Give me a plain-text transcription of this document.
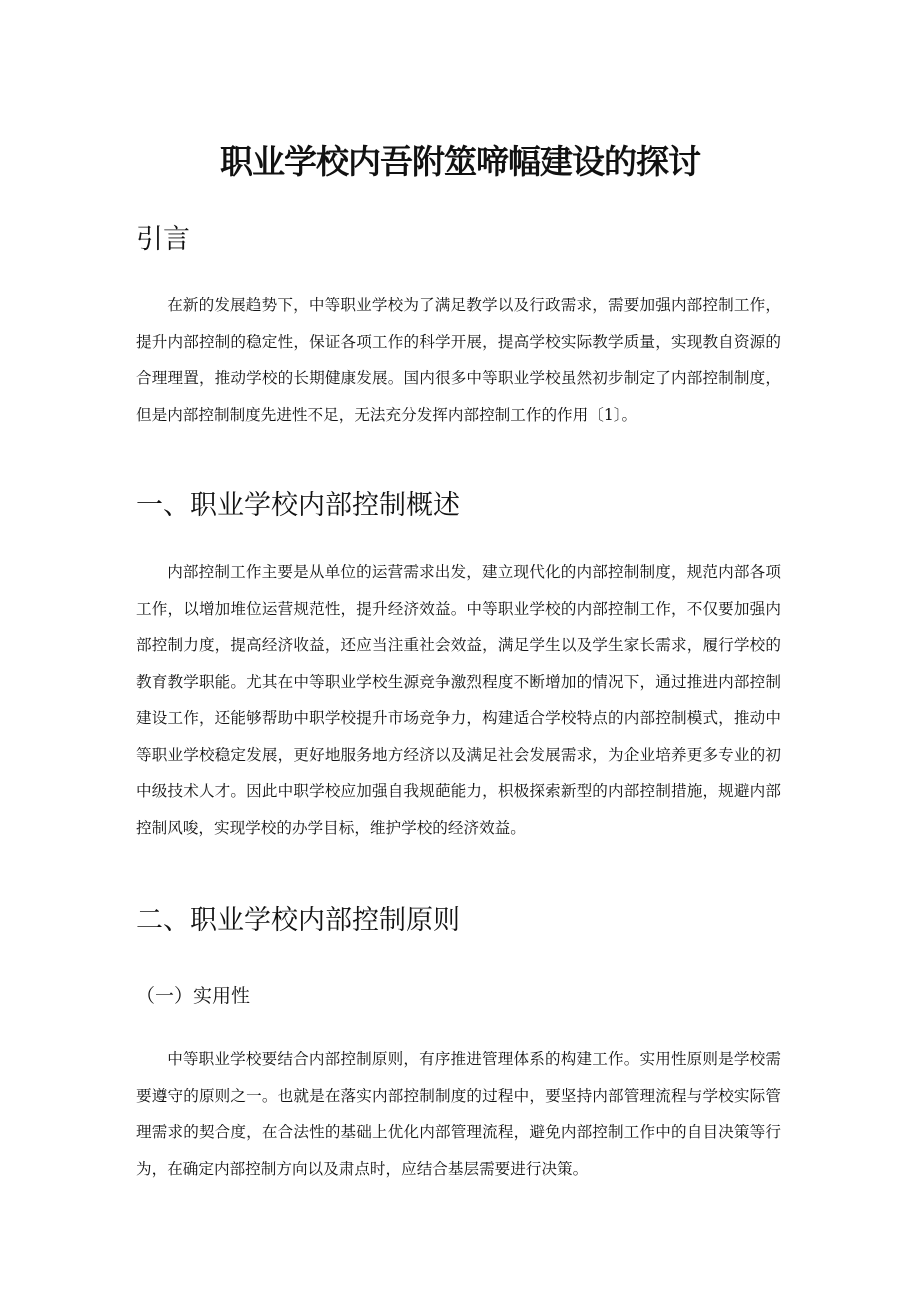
职业学校内吾附筮啼幅建设的探讨
引言

在新的发展趋势下，中等职业学校为了满足教学以及行政需求，需要加强内部控制工作，提升内部控制的稳定性，保证各项工作的科学开展，提高学校实际教学质量，实现教自资源的合理理置，推动学校的长期健康发展。国内很多中等职业学校虽然初步制定了内部控制制度，但是内部控制制度先进性不足，无法充分发挥内部控制工作的作用〔1〕。

一、职业学校内部控制概述

内部控制工作主要是从单位的运营需求出发，建立现代化的内部控制制度，规范内部各项工作，以增加堆位运营规范性，提升经济效益。中等职业学校的内部控制工作，不仅要加强内部控制力度，提高经济收益，还应当注重社会效益，满足学生以及学生家长需求，履行学校的教育教学职能。尤其在中等职业学校生源竞争激烈程度不断增加的情况下，通过推进内部控制建设工作，还能够帮助中职学校提升市场竞争力，构建适合学校特点的内部控制模式，推动中等职业学校稳定发展，更好地服务地方经济以及满足社会发展需求，为企业培养更多专业的初中级技术人才。因此中职学校应加强自我规葩能力，枳极探索新型的内部控制措施，规避内部控制风唆，实现学校的办学目标，维护学校的经济效益。

二、职业学校内部控制原则
（一）实用性

中等职业学校要结合内部控制原则，有序推进管理体系的构建工作。实用性原则是学校需要遵守的原则之一。也就是在落实内部控制制度的过程中，要坚持内部管理流程与学校实际管理需求的契合度，在合法性的基础上优化内部管理流程，避免内部控制工作中的自目决策等行为，在确定内部控制方向以及肃点时，应结合基层需要进行决策。
